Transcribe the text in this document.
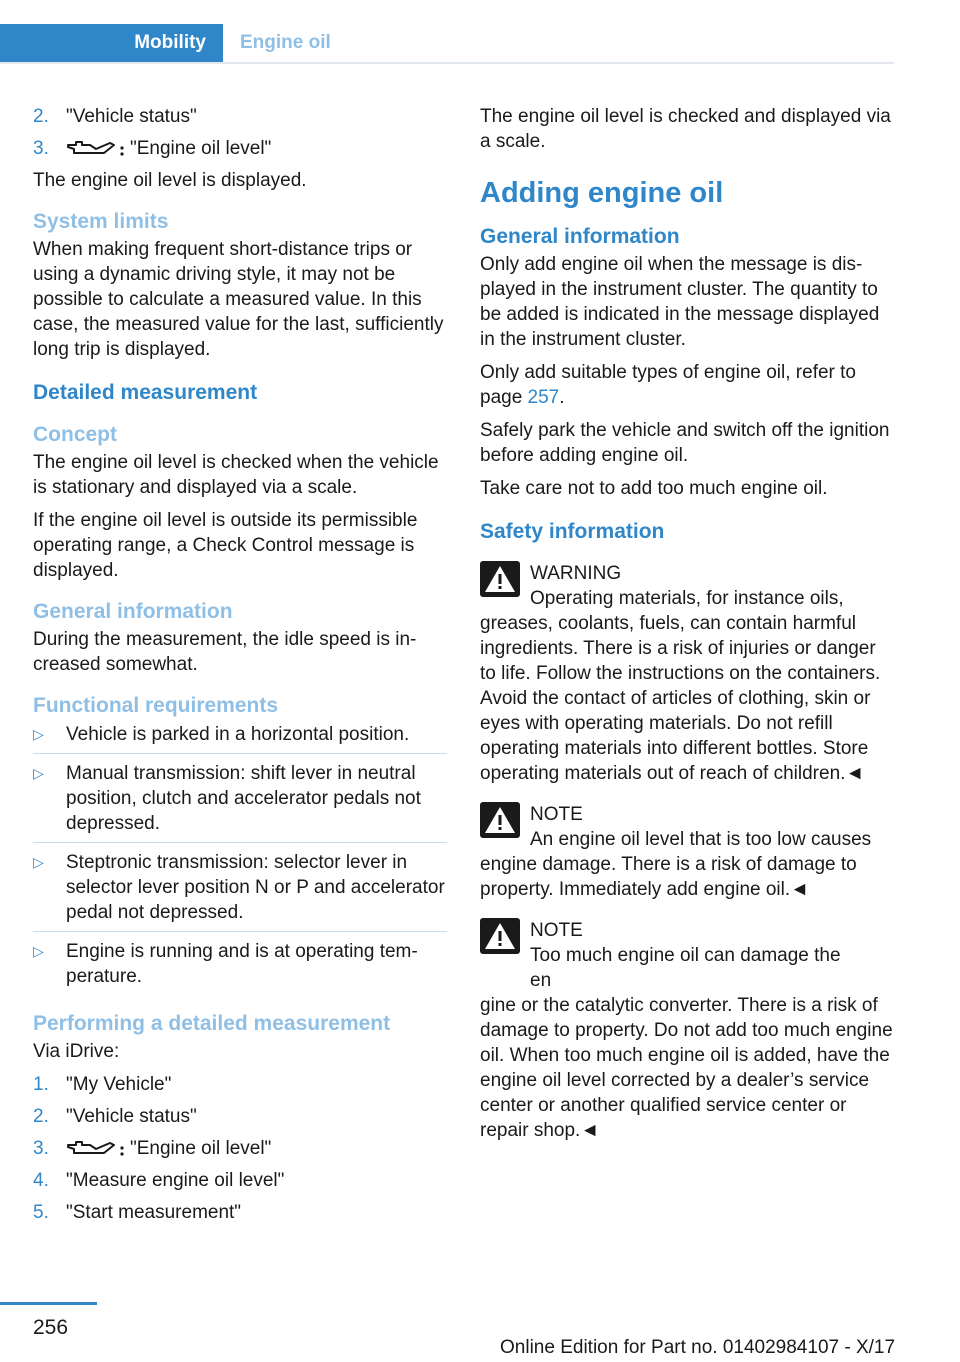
Mobility	Engine oil
2. "Vehicle status"
3.	"Engine oil level"

The engine oil level is displayed.

System limits

When making frequent short-distance trips or using a dynamic driving style, it may not be possible to calculate a measured value. In this case, the measured value for the last, sufficiently long trip is displayed.

Detailed measurement
Concept

The engine oil level is checked when the vehicle is stationary and displayed via a scale.

If the engine oil level is outside its permissible operating range, a Check Control message is displayed.

General information

During the measurement, the idle speed is increased somewhat.

Functional requirements
▷	Vehicle is parked in a horizontal position.
▷	Manual transmission: shift lever in neutral position, clutch and accelerator pedals not depressed.
▷	Steptronic transmission: selector lever in selector lever position N or P and accelerator pedal not depressed.
▷	Engine is running and is at operating temperature.
Performing a detailed measurement

Via iDrive:

1. "My Vehicle"
2. "Vehicle status"
3.	"Engine oil level"
4. "Measure engine oil level"
5. "Start measurement"

The engine oil level is checked and displayed via a scale.

Adding engine oil
General information

Only add engine oil when the message is displayed in the instrument cluster. The quantity to be added is indicated in the message displayed in the instrument cluster.

Only add suitable types of engine oil, refer to page 257.

Safely park the vehicle and switch off the ignition before adding engine oil.

Take care not to add too much engine oil.

Safety information
WARNING
Operating materials, for instance oils,
greases, coolants, fuels, can contain harmful ingredients. There is a risk of injuries or danger to life. Follow the instructions on the containers. Avoid the contact of articles of clothing, skin or eyes with operating materials. Do not refill operating materials into different bottles. Store operating materials out of reach of children.◄
NOTE
An engine oil level that is too low causes
engine damage. There is a risk of damage to property. Immediately add engine oil.◄
NOTE
Too much engine oil can damage the en
gine or the catalytic converter. There is a risk of damage to property. Do not add too much engine oil. When too much engine oil is added, have the engine oil level corrected by a dealer’s service center or another qualified service center or repair shop.◄
256
Online Edition for Part no. 01402984107 - X/17
